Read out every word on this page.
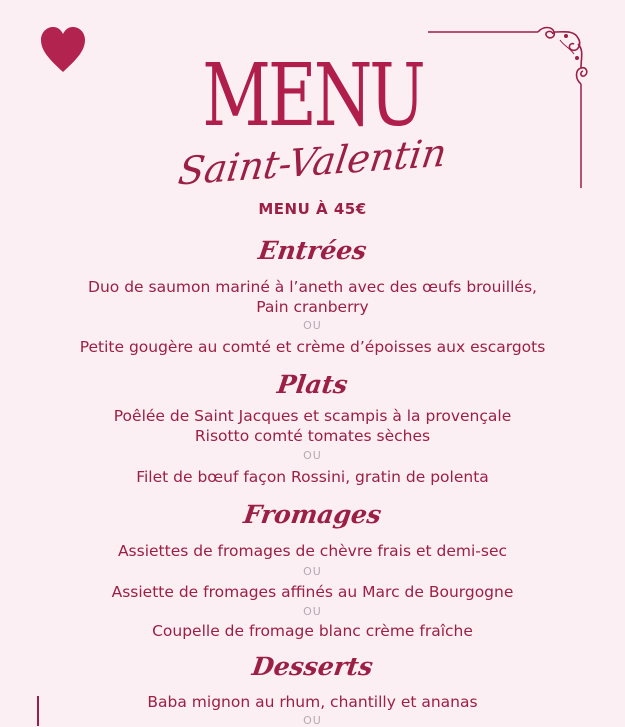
MENU
Saint-Valentin
MENU À 45€
Entrées
Duo de saumon mariné à l’aneth avec des œufs brouillés,
Pain cranberry
OU
Petite gougère au comté et crème d’époisses aux escargots
Plats
Poêlée de Saint Jacques et scampis à la provençale
Risotto comté tomates sèches
OU
Filet de bœuf façon Rossini, gratin de polenta
Fromages
Assiettes de fromages de chèvre frais et demi-sec
OU
Assiette de fromages affinés au Marc de Bourgogne
OU
Coupelle de fromage blanc crème fraîche
Desserts
Baba mignon au rhum, chantilly et ananas
OU
